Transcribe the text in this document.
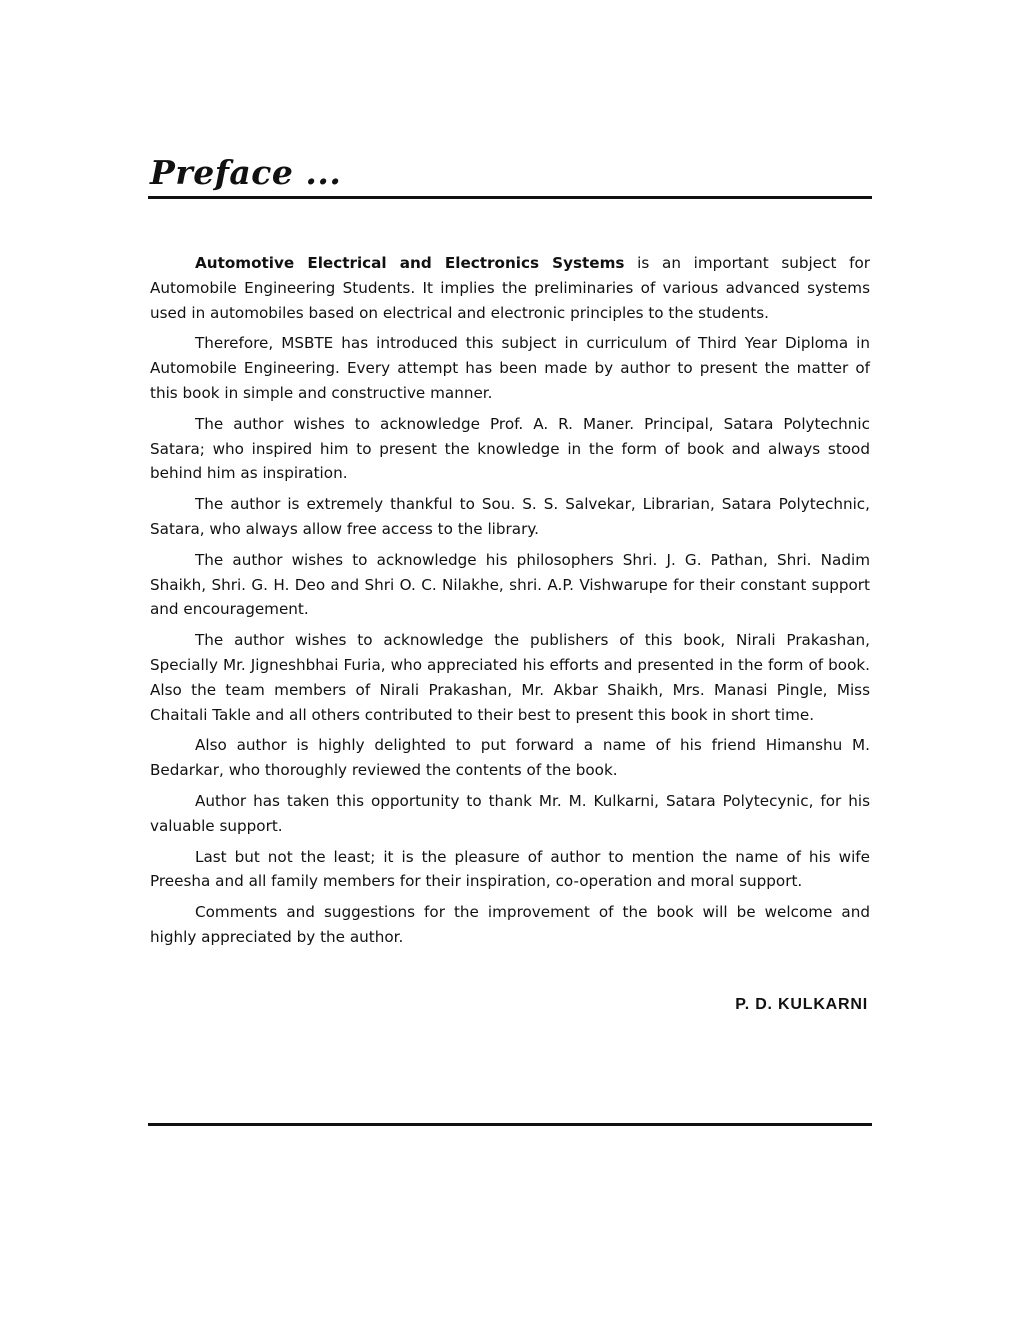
Preface ...

Automotive Electrical and Electronics Systems is an important subject for Automobile Engineering Students. It implies the preliminaries of various advanced systems used in automobiles based on electrical and electronic principles to the students.

Therefore, MSBTE has introduced this subject in curriculum of Third Year Diploma in Automobile Engineering. Every attempt has been made by author to present the matter of this book in simple and constructive manner.

The author wishes to acknowledge Prof. A. R. Maner. Principal, Satara Polytechnic Satara; who inspired him to present the knowledge in the form of book and always stood behind him as inspiration.

The author is extremely thankful to Sou. S. S. Salvekar, Librarian, Satara Polytechnic, Satara, who always allow free access to the library.

The author wishes to acknowledge his philosophers Shri. J. G. Pathan, Shri. Nadim Shaikh, Shri. G. H. Deo and Shri O. C. Nilakhe, shri. A.P. Vishwarupe for their constant support and encouragement.

The author wishes to acknowledge the publishers of this book, Nirali Prakashan, Specially Mr. Jigneshbhai Furia, who appreciated his efforts and presented in the form of book. Also the team members of Nirali Prakashan, Mr. Akbar Shaikh, Mrs. Manasi Pingle, Miss Chaitali Takle and all others contributed to their best to present this book in short time.

Also author is highly delighted to put forward a name of his friend Himanshu M. Bedarkar, who thoroughly reviewed the contents of the book.

Author has taken this opportunity to thank Mr. M. Kulkarni, Satara Polytecynic, for his valuable support.

Last but not the least; it is the pleasure of author to mention the name of his wife Preesha and all family members for their inspiration, co-operation and moral support.

Comments and suggestions for the improvement of the book will be welcome and highly appreciated by the author.

P. D. KULKARNI
